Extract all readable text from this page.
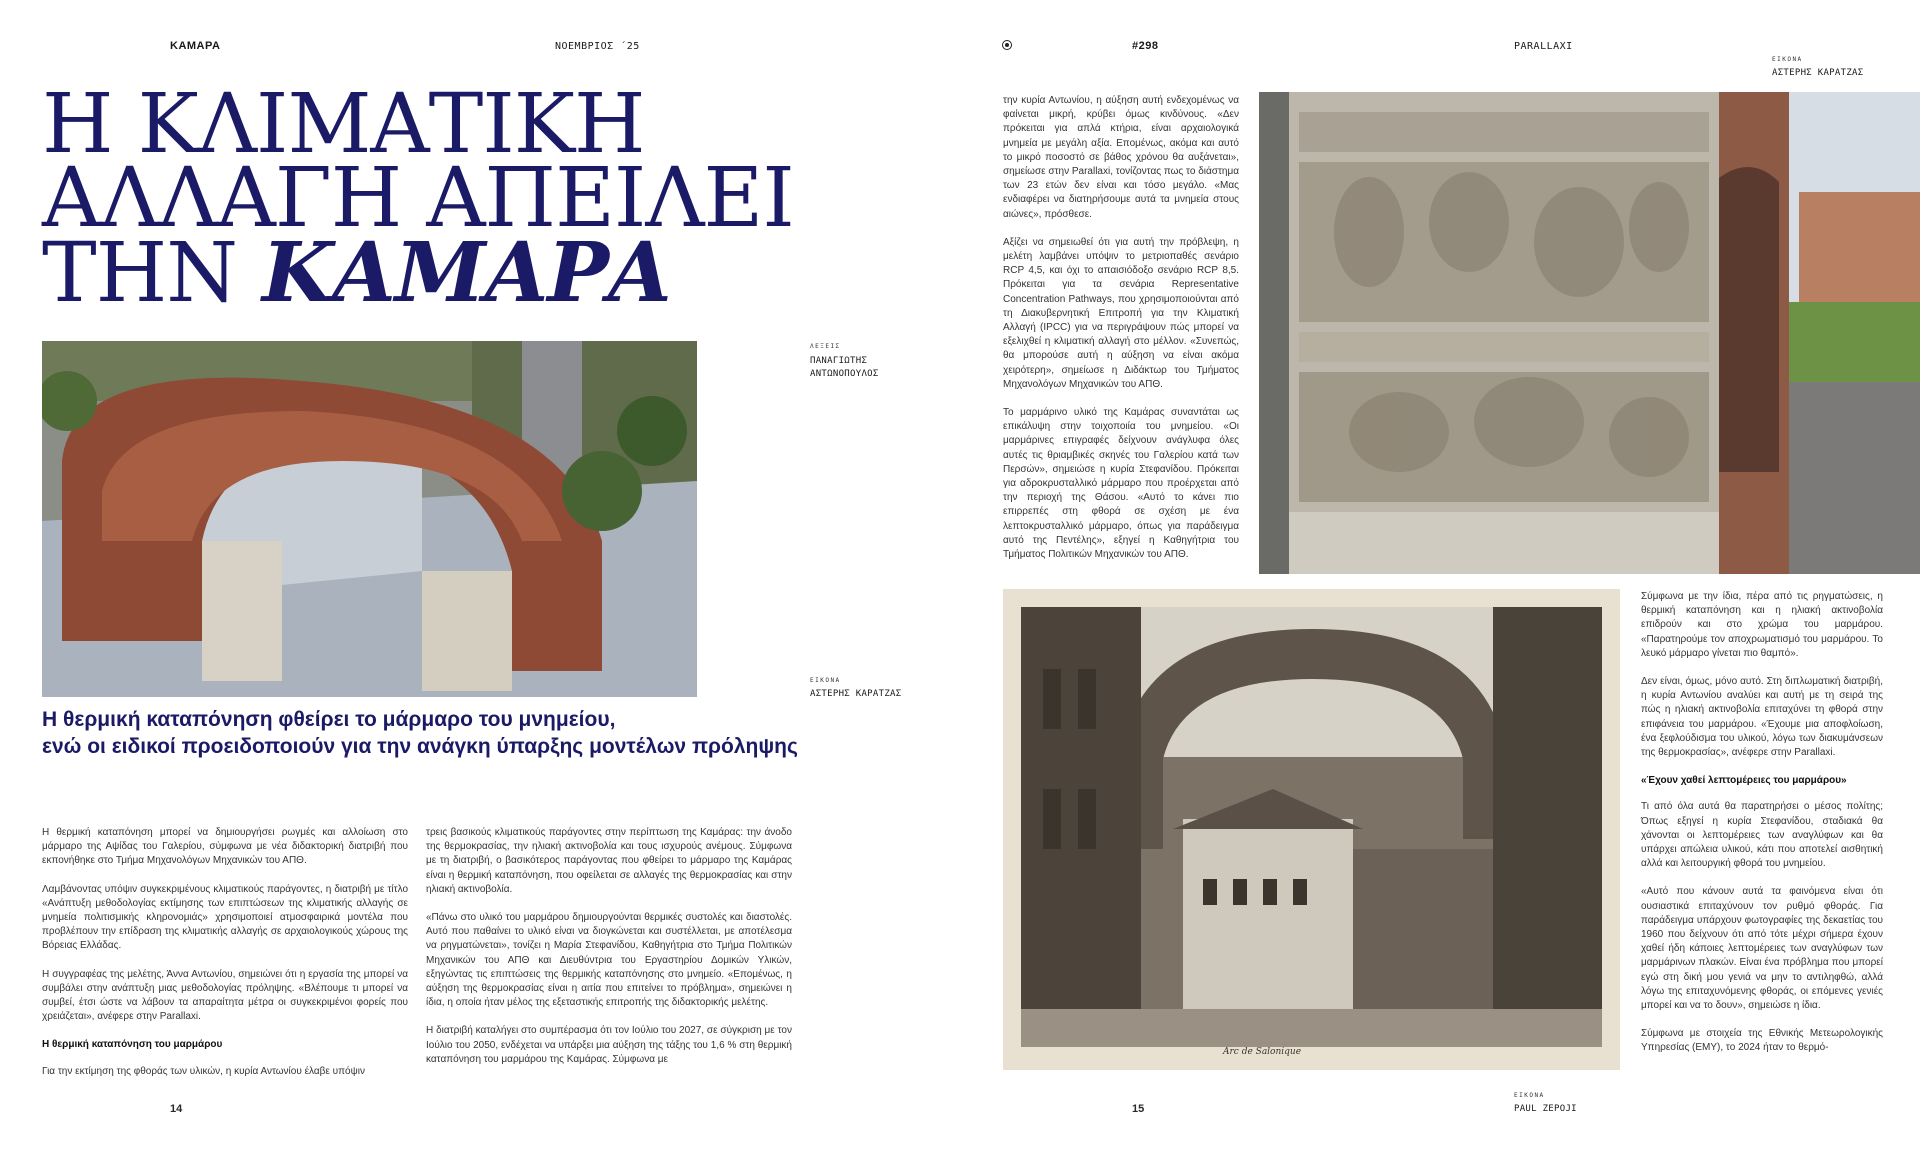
KAMAPA	ΝΟΕΜΒΡΙΟΣ ΄25
Η ΚΛΙΜΑΤΙΚΗ
ΑΛΛΑΓΗ ΑΠΕΙΛΕΙ
ΤΗΝ ΚΑΜΑΡΑ
ΛΕΞΕΙΣ
ΠΑΝΑΓΙΩΤΗΣ
ΑΝΤΩΝΟΠΟΥΛΟΣ
ΕΙΚΟΝΑ
ΑΣΤΕΡΗΣ ΚΑΡΑΤΖΑΣ
Η θερμική καταπόνηση φθείρει το μάρμαρο του μνημείου,
ενώ οι ειδικοί προειδοποιούν για την ανάγκη ύπαρξης μοντέλων πρόληψης

Η θερμική καταπόνηση μπορεί να δημιουργήσει ρωγμές και αλλοίωση στο μάρμαρο της Αψίδας του Γαλερίου, σύμφωνα με νέα διδακτορική διατριβή που εκπονήθηκε στο Τμήμα Μηχανολόγων Μηχανικών του ΑΠΘ.

Λαμβάνοντας υπόψιν συγκεκριμένους κλιματικούς παράγοντες, η διατριβή με τίτλο «Ανάπτυξη μεθοδολογίας εκτίμησης των επιπτώσεων της κλιματικής αλλαγής σε μνημεία πολιτισμικής κληρονομιάς» χρησιμοποιεί ατμοσφαιρικά μοντέλα που προβλέπουν την επίδραση της κλιματικής αλλαγής σε αρχαιολογικούς χώρους της Βόρειας Ελλάδας.

Η συγγραφέας της μελέτης, Άννα Αντωνίου, σημειώνει ότι η εργασία της μπορεί να συμβάλει στην ανάπτυξη μιας μεθοδολογίας πρόληψης. «Βλέπουμε τι μπορεί να συμβεί, έτσι ώστε να λάβουν τα απαραίτητα μέτρα οι συγκεκριμένοι φορείς που χρειάζεται», ανέφερε στην Parallaxi.

Η θερμική καταπόνηση του μαρμάρου

Για την εκτίμηση της φθοράς των υλικών, η κυρία Αντωνίου έλαβε υπόψιν

τρεις βασικούς κλιματικούς παράγοντες στην περίπτωση της Καμάρας: την άνοδο της θερμοκρασίας, την ηλιακή ακτινοβολία και τους ισχυρούς ανέμους. Σύμφωνα με τη διατριβή, ο βασικότερος παράγοντας που φθείρει το μάρμαρο της Καμάρας είναι η θερμική καταπόνηση, που οφείλεται σε αλλαγές της θερμοκρασίας και στην ηλιακή ακτινοβολία.

«Πάνω στο υλικό του μαρμάρου δημιουργούνται θερμικές συστολές και διαστολές. Αυτό που παθαίνει το υλικό είναι να διογκώνεται και συστέλλεται, με αποτέλεσμα να ρηγματώνεται», τονίζει η Μαρία Στεφανίδου, Καθηγήτρια στο Τμήμα Πολιτικών Μηχανικών του ΑΠΘ και Διευθύντρια του Εργαστηρίου Δομικών Υλικών, εξηγώντας τις επιπτώσεις της θερμικής καταπόνησης στο μνημείο. «Επομένως, η αύξηση της θερμοκρασίας είναι η αιτία που επιτείνει το πρόβλημα», σημειώνει η ίδια, η οποία ήταν μέλος της εξεταστικής επιτροπής της διδακτορικής μελέτης.

Η διατριβή καταλήγει στο συμπέρασμα ότι τον Ιούλιο του 2027, σε σύγκριση με τον Ιούλιο του 2050, ενδέχεται να υπάρξει μια αύξηση της τάξης του 1,6 % στη θερμική καταπόνηση του μαρμάρου της Καμάρας. Σύμφωνα με

14
#298	PARALLAXI
ΕΙΚΟΝΑ
ΑΣΤΕΡΗΣ ΚΑΡΑΤΖΑΣ

την κυρία Αντωνίου, η αύξηση αυτή ενδεχομένως να φαίνεται μικρή, κρύβει όμως κινδύνους. «Δεν πρόκειται για απλά κτήρια, είναι αρχαιολογικά μνημεία με μεγάλη αξία. Επομένως, ακόμα και αυτό το μικρό ποσοστό σε βάθος χρόνου θα αυξάνεται», σημείωσε στην Parallaxi, τονίζοντας πως το διάστημα των 23 ετών δεν είναι και τόσο μεγάλο. «Μας ενδιαφέρει να διατηρήσουμε αυτά τα μνημεία στους αιώνες», πρόσθεσε.

Αξίζει να σημειωθεί ότι για αυτή την πρόβλεψη, η μελέτη λαμβάνει υπόψιν το μετριοπαθές σενάριο RCP 4,5, και όχι το απαισιόδοξο σενάριο RCP 8,5. Πρόκειται για τα σενάρια Representative Concentration Pathways, που χρησιμοποιούνται από τη Διακυβερνητική Επιτροπή για την Κλιματική Αλλαγή (IPCC) για να περιγράψουν πώς μπορεί να εξελιχθεί η κλιματική αλλαγή στο μέλλον. «Συνεπώς, θα μπορούσε αυτή η αύξηση να είναι ακόμα χειρότερη», σημείωσε η Διδάκτωρ του Τμήματος Μηχανολόγων Μηχανικών του ΑΠΘ.

Το μαρμάρινο υλικό της Καμάρας συναντάται ως επικάλυψη στην τοιχοποιία του μνημείου. «Οι μαρμάρινες επιγραφές δείχνουν ανάγλυφα όλες αυτές τις θριαμβικές σκηνές του Γαλερίου κατά των Περσών», σημειώσε η κυρία Στεφανίδου. Πρόκειται για αδροκρυσταλλικό μάρμαρο που προέρχεται από την περιοχή της Θάσου. «Αυτό το κάνει πιο επιρρεπές στη φθορά σε σχέση με ένα λεπτοκρυσταλλικό μάρμαρο, όπως για παράδειγμα αυτό της Πεντέλης», εξηγεί η Καθηγήτρια του Τμήματος Πολιτικών Μηχανικών του ΑΠΘ.

Arc de Salonique

Σύμφωνα με την ίδια, πέρα από τις ρηγματώσεις, η θερμική καταπόνηση και η ηλιακή ακτινοβολία επιδρούν και στο χρώμα του μαρμάρου. «Παρατηρούμε τον αποχρωματισμό του μαρμάρου. Το λευκό μάρμαρο γίνεται πιο θαμπό».

Δεν είναι, όμως, μόνο αυτό. Στη διπλωματική διατριβή, η κυρία Αντωνίου αναλύει και αυτή με τη σειρά της πώς η ηλιακή ακτινοβολία επιταχύνει τη φθορά στην επιφάνεια του μαρμάρου. «Έχουμε μια αποφλοίωση, ένα ξεφλούδισμα του υλικού, λόγω των διακυμάνσεων της θερμοκρασίας», ανέφερε στην Parallaxi.

«Έχουν χαθεί λεπτομέρειες του μαρμάρου»

Τι από όλα αυτά θα παρατηρήσει ο μέσος πολίτης; Όπως εξηγεί η κυρία Στεφανίδου, σταδιακά θα χάνονται οι λεπτομέρειες των αναγλύφων και θα υπάρχει απώλεια υλικού, κάτι που αποτελεί αισθητική αλλά και λειτουργική φθορά του μνημείου.

«Αυτό που κάνουν αυτά τα φαινόμενα είναι ότι ουσιαστικά επιταχύνουν τον ρυθμό φθοράς. Για παράδειγμα υπάρχουν φωτογραφίες της δεκαετίας του 1960 που δείχνουν ότι από τότε μέχρι σήμερα έχουν χαθεί ήδη κάποιες λεπτομέρειες των αναγλύφων των μαρμάρινων πλακών. Είναι ένα πρόβλημα που μπορεί εγώ στη δική μου γενιά να μην το αντιληφθώ, αλλά λόγω της επιταχυνόμενης φθοράς, οι επόμενες γενιές μπορεί και να το δουν», σημειώσε η ίδια.

Σύμφωνα με στοιχεία της Εθνικής Μετεωρολογικής Υπηρεσίας (ΕΜΥ), το 2024 ήταν το θερμό-

15
ΕΙΚΟΝΑ
PAUL ZEPOJI
